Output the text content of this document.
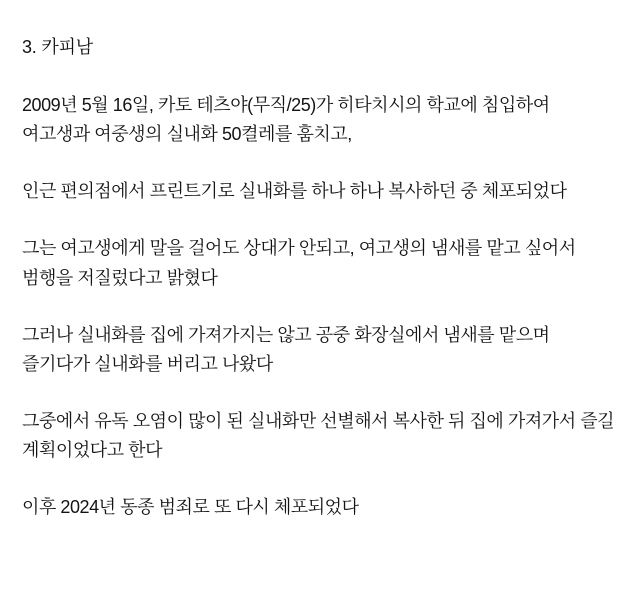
3. 카피남

2009년 5월 16일, 카토 테츠야(무직/25)가 히타치시의 학교에 침입하여 여고생과 여중생의 실내화 50켤레를 훔치고,

인근 편의점에서 프린트기로 실내화를 하나 하나 복사하던 중 체포되었다

그는 여고생에게 말을 걸어도 상대가 안되고, 여고생의 냄새를 맡고 싶어서 범행을 저질렀다고 밝혔다

그러나 실내화를 집에 가져가지는 않고 공중 화장실에서 냄새를 맡으며 즐기다가 실내화를 버리고 나왔다

그중에서 유독 오염이 많이 된 실내화만 선별해서 복사한 뒤 집에 가져가서 즐길 계획이었다고 한다

이후 2024년 동종 범죄로 또 다시 체포되었다
